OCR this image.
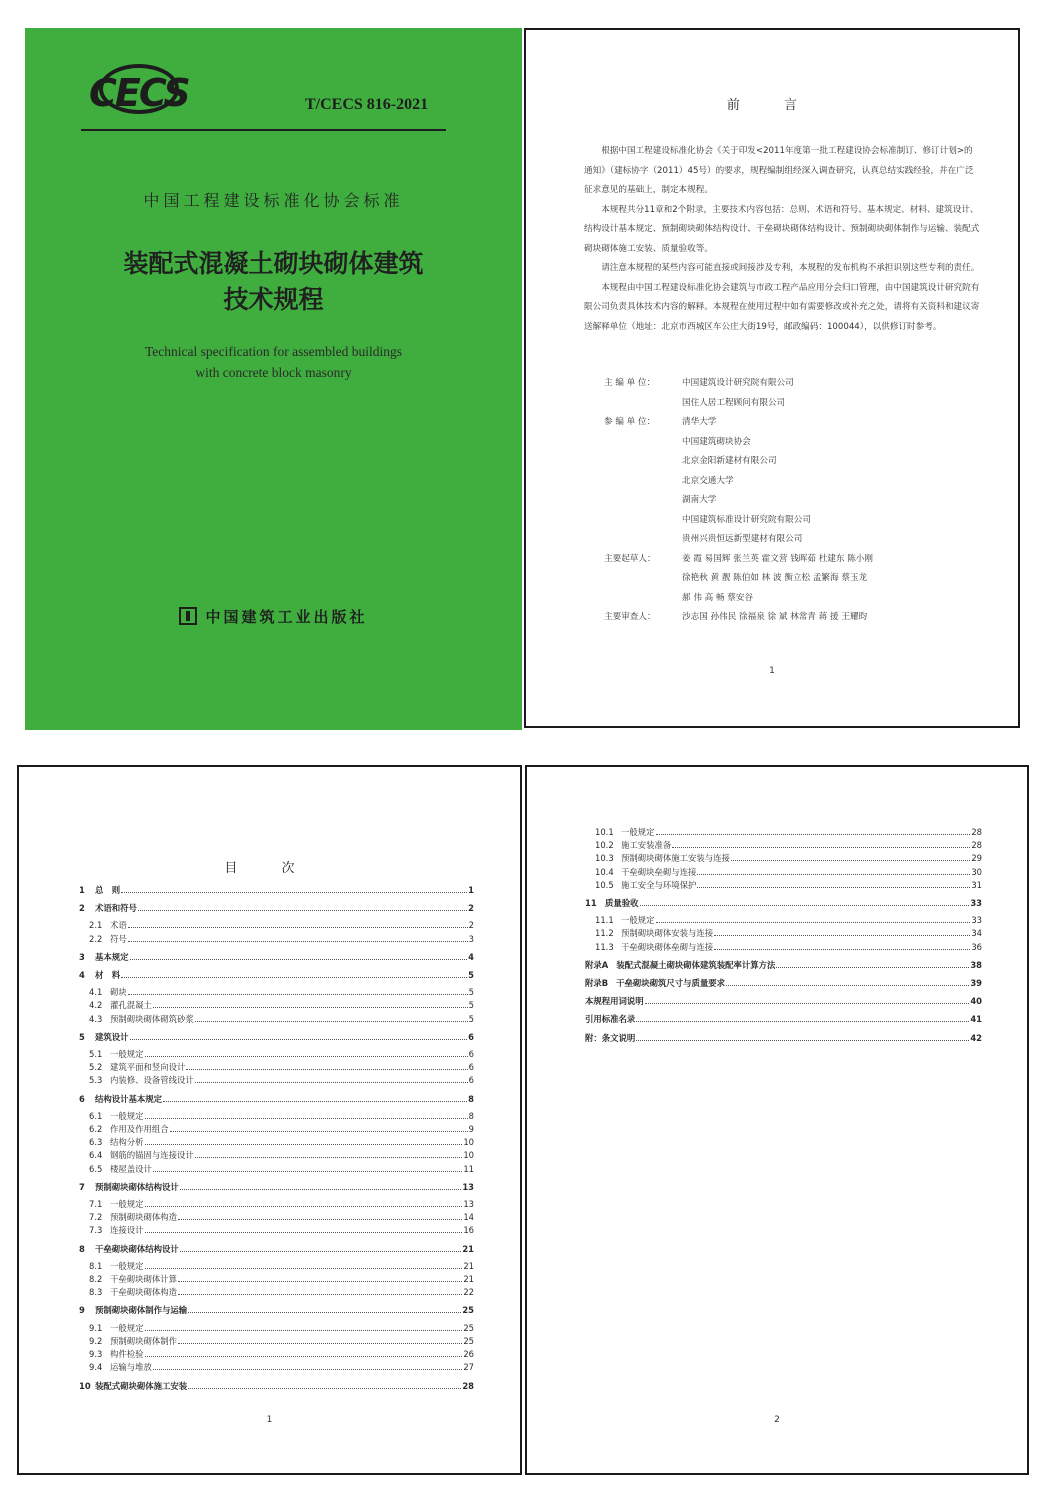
CECS	T/CECS 816-2021
中国工程建设标准化协会标准
装配式混凝土砌块砌体建筑
技术规程
Technical specification for assembled buildings
with concrete block masonry
中国建筑工业出版社
前 言

根据中国工程建设标准化协会《关于印发<2011年度第一批工程建设协会标准制订、修订计划>的通知》（建标协字（2011）45号）的要求，规程编制组经深入调查研究，认真总结实践经验，并在广泛征求意见的基础上，制定本规程。

本规程共分11章和2个附录，主要技术内容包括：总则、术语和符号、基本规定、材料、建筑设计、结构设计基本规定、预制砌块砌体结构设计、干垒砌块砌体结构设计、预制砌块砌体制作与运输、装配式砌块砌体施工安装、质量验收等。

请注意本规程的某些内容可能直接或间接涉及专利，本规程的发布机构不承担识别这些专利的责任。

本规程由中国工程建设标准化协会建筑与市政工程产品应用分会归口管理，由中国建筑设计研究院有限公司负责具体技术内容的解释。本规程在使用过程中如有需要修改或补充之处，请将有关资料和建议寄送解释单位（地址：北京市西城区车公庄大街19号，邮政编码：100044），以供修订时参考。

主 编 单 位：	中国建筑设计研究院有限公司
国住人居工程顾问有限公司
参 编 单 位：	清华大学
中国建筑砌块协会
北京金阳新建材有限公司
北京交通大学
湖南大学
中国建筑标准设计研究院有限公司
贵州兴贵恒远新型建材有限公司
主要起草人：	姜 霞 易国辉 张兰英 霍文营 钱晖茹 杜建东 陈小刚
徐艳秋 黄 靓 陈伯如 林 波 衡立松 孟繁海 蔡玉龙
郝 伟 高 畅 蔡安谷
主要审查人：	沙志国 孙伟民 徐福泉 徐 斌 林常青 蒋 援 王耀昀
1
目 次
1	总　则	1
2	术语和符号	2
2.1 术语	2
2.2 符号	3
3	基本规定	4
4	材　料	5
4.1 砌块	5
4.2 灌孔混凝土	5
4.3 预制砌块砌体砌筑砂浆	5
5	建筑设计	6
5.1 一般规定	6
5.2 建筑平面和竖向设计	6
5.3 内装修、设备管线设计	6
6	结构设计基本规定	8
6.1 一般规定	8
6.2 作用及作用组合	9
6.3 结构分析	10
6.4 钢筋的锚固与连接设计	10
6.5 楼屋盖设计	11
7	预制砌块砌体结构设计	13
7.1 一般规定	13
7.2 预制砌块砌体构造	14
7.3 连接设计	16
8	干垒砌块砌体结构设计	21
8.1 一般规定	21
8.2 干垒砌块砌体计算	21
8.3 干垒砌块砌体构造	22
9	预制砌块砌体制作与运输	25
9.1 一般规定	25
9.2 预制砌块砌体制作	25
9.3 构件检验	26
9.4 运输与堆放	27
10 装配式砌块砌体施工安装	28
1
10.1 一般规定	28
10.2 施工安装准备	28
10.3 预制砌块砌体施工安装与连接	29
10.4 干垒砌块垒砌与连接	30
10.5 施工安全与环境保护	31
11 质量验收	33
11.1 一般规定	33
11.2 预制砌块砌体安装与连接	34
11.3 干垒砌块砌体垒砌与连接	36
附录A 装配式混凝土砌块砌体建筑装配率计算方法	38
附录B 干垒砌块砌筑尺寸与质量要求	39
本规程用词说明	40
引用标准名录	41
附：条文说明	42
2
